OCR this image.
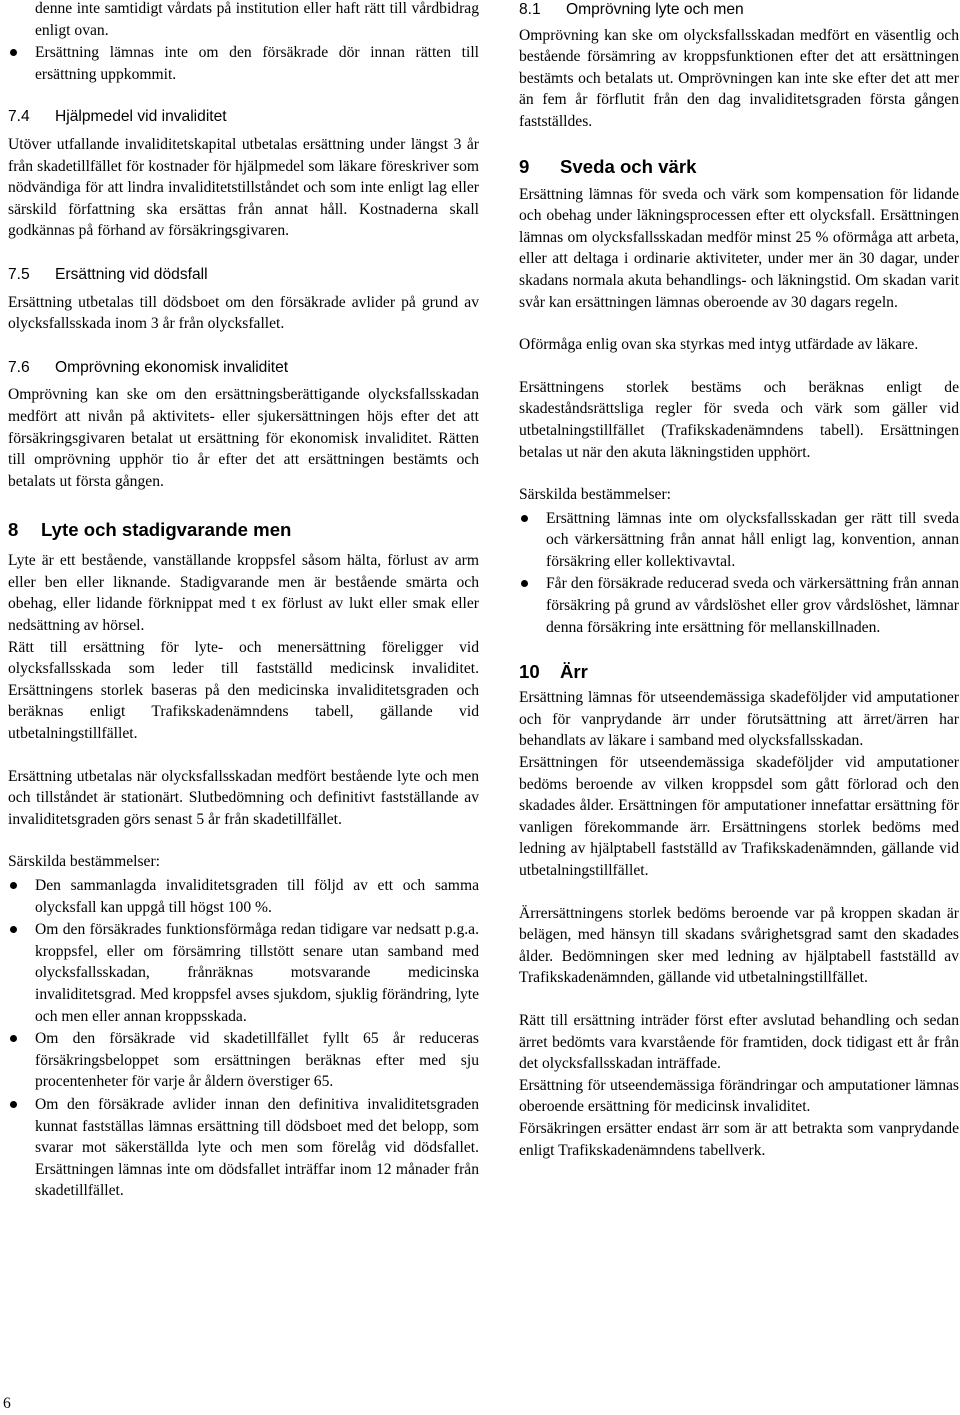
denne inte samtidigt vårdats på institution eller haft rätt till vårdbidrag enligt ovan.
Ersättning lämnas inte om den försäkrade dör innan rätten till ersättning uppkommit.
7.4 Hjälpmedel vid invaliditet

Utöver utfallande invaliditetskapital utbetalas ersättning under längst 3 år från skadetillfället för kostnader för hjälpmedel som läkare föreskriver som nödvändiga för att lindra invaliditetstillståndet och som inte enligt lag eller särskild författning ska ersättas från annat håll. Kostnaderna skall godkännas på förhand av försäkringsgivaren.

7.5 Ersättning vid dödsfall

Ersättning utbetalas till dödsboet om den försäkrade avlider på grund av olycksfallsskada inom 3 år från olycksfallet.

7.6 Omprövning ekonomisk invaliditet

Omprövning kan ske om den ersättningsberättigande olycksfallsskadan medfört att nivån på aktivitets- eller sjukersättningen höjs efter det att försäkringsgivaren betalat ut ersättning för ekonomisk invaliditet. Rätten till omprövning upphör tio år efter det att ersättningen bestämts och betalats ut första gången.

8 Lyte och stadigvarande men

Lyte är ett bestående, vanställande kroppsfel såsom hälta, förlust av arm eller ben eller liknande. Stadigvarande men är bestående smärta och obehag, eller lidande förknippat med t ex förlust av lukt eller smak eller nedsättning av hörsel.

Rätt till ersättning för lyte- och menersättning föreligger vid olycksfallsskada som leder till fastställd medicinsk invaliditet. Ersättningens storlek baseras på den medicinska invaliditetsgraden och beräknas enligt Trafikskadenämndens tabell, gällande vid utbetalningstillfället.

Ersättning utbetalas när olycksfallsskadan medfört bestående lyte och men och tillståndet är stationärt. Slutbedömning och definitivt fastställande av invaliditetsgraden görs senast 5 år från skadetillfället.

Särskilda bestämmelser:

Den sammanlagda invaliditetsgraden till följd av ett och samma olycksfall kan uppgå till högst 100 %.
Om den försäkrades funktionsförmåga redan tidigare var nedsatt p.g.a. kroppsfel, eller om försämring tillstött senare utan samband med olycksfallsskadan, frånräknas motsvarande medicinska invaliditetsgrad. Med kroppsfel avses sjukdom, sjuklig förändring, lyte och men eller annan kroppsskada.
Om den försäkrade vid skadetillfället fyllt 65 år reduceras försäkringsbeloppet som ersättningen beräknas efter med sju procentenheter för varje år åldern överstiger 65.
Om den försäkrade avlider innan den definitiva invaliditetsgraden kunnat fastställas lämnas ersättning till dödsboet med det belopp, som svarar mot säkerställda lyte och men som förelåg vid dödsfallet. Ersättningen lämnas inte om dödsfallet inträffar inom 12 månader från skadetillfället.
8.1 Omprövning lyte och men

Omprövning kan ske om olycksfallsskadan medfört en väsentlig och bestående försämring av kroppsfunktionen efter det att ersättningen bestämts och betalats ut. Omprövningen kan inte ske efter det att mer än fem år förflutit från den dag invaliditetsgraden första gången fastställdes.

9 Sveda och värk

Ersättning lämnas för sveda och värk som kompensation för lidande och obehag under läkningsprocessen efter ett olycksfall. Ersättningen lämnas om olycksfallsskadan medför minst 25 % oförmåga att arbeta, eller att deltaga i ordinarie aktiviteter, under mer än 30 dagar, under skadans normala akuta behandlings- och läkningstid. Om skadan varit svår kan ersättningen lämnas oberoende av 30 dagars regeln.

Oförmåga enlig ovan ska styrkas med intyg utfärdade av läkare.

Ersättningens storlek bestäms och beräknas enligt de skadeståndsrättsliga regler för sveda och värk som gäller vid utbetalningstillfället (Trafikskadenämndens tabell). Ersättningen betalas ut när den akuta läkningstiden upphört.

Särskilda bestämmelser:

Ersättning lämnas inte om olycksfallsskadan ger rätt till sveda och värkersättning från annat håll enligt lag, konvention, annan försäkring eller kollektivavtal.
Får den försäkrade reducerad sveda och värkersättning från annan försäkring på grund av vårdslöshet eller grov vårdslöshet, lämnar denna försäkring inte ersättning för mellanskillnaden.
10 Ärr

Ersättning lämnas för utseendemässiga skadeföljder vid amputationer och för vanprydande ärr under förutsättning att ärret/ärren har behandlats av läkare i samband med olycksfallsskadan.

Ersättningen för utseendemässiga skadeföljder vid amputationer bedöms beroende av vilken kroppsdel som gått förlorad och den skadades ålder. Ersättningen för amputationer innefattar ersättning för vanligen förekommande ärr. Ersättningens storlek bedöms med ledning av hjälptabell fastställd av Trafikskadenämnden, gällande vid utbetalningstillfället.

Ärrersättningens storlek bedöms beroende var på kroppen skadan är belägen, med hänsyn till skadans svårighetsgrad samt den skadades ålder. Bedömningen sker med ledning av hjälptabell fastställd av Trafikskadenämnden, gällande vid utbetalningstillfället.

Rätt till ersättning inträder först efter avslutad behandling och sedan ärret bedömts vara kvarstående för framtiden, dock tidigast ett år från det olycksfallsskadan inträffade.

Ersättning för utseendemässiga förändringar och amputationer lämnas oberoende ersättning för medicinsk invaliditet.

Försäkringen ersätter endast ärr som är att betrakta som vanprydande enligt Trafikskadenämndens tabellverk.

6
